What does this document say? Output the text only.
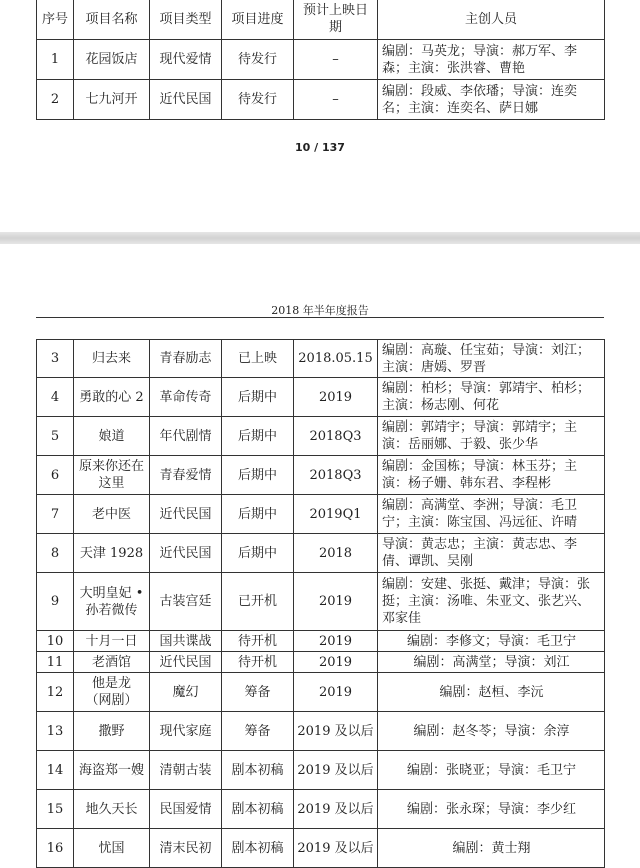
序号	项目名称	项目类型	项目进度	预计上映日期	主创人员
1	花园饭店	现代爱情	待发行	–	编剧：马英龙；导演：郝万军、李森；主演：张洪睿、曹艳
2	七九河开	近代民国	待发行	–	编剧：段威、李依璠；导演：连奕名；主演：连奕名、萨日娜
10 / 137
2018 年半年度报告
3	归去来	青春励志	已上映	2018.05.15	编剧：高璇、任宝茹；导演：刘江；主演：唐嫣、罗晋
4	勇敢的心 2	革命传奇	后期中	2019	编剧：柏杉；导演：郭靖宇、柏杉；主演：杨志刚、何花
5	娘道	年代剧情	后期中	2018Q3	编剧：郭靖宇；导演：郭靖宇；主演：岳丽娜、于毅、张少华
6	原来你还在这里	青春爱情	后期中	2018Q3	编剧：金国栋；导演：林玉芬；主演：杨子姗、韩东君、李程彬
7	老中医	近代民国	后期中	2019Q1	编剧：高满堂、李洲；导演：毛卫宁；主演：陈宝国、冯远征、许晴
8	天津 1928	近代民国	后期中	2018	导演：黄志忠；主演：黄志忠、李倩、谭凯、吴刚
9	大明皇妃 • 孙若微传	古装宫廷	已开机	2019	编剧：安建、张挺、戴津；导演：张挺；主演：汤唯、朱亚文、张艺兴、邓家佳
10	十月一日	国共谍战	待开机	2019	编剧：李修文；导演：毛卫宁
11	老酒馆	近代民国	待开机	2019	编剧：高满堂；导演：刘江
12	他是龙 （网剧）	魔幻	筹备	2019	编剧：赵桓、李沅
13	撒野	现代家庭	筹备	2019 及以后	编剧：赵冬苓；导演：余淳
14	海盗郑一嫂	清朝古装	剧本初稿	2019 及以后	编剧：张晓亚；导演：毛卫宁
15	地久天长	民国爱情	剧本初稿	2019 及以后	编剧：张永琛；导演：李少红
16	忧国	清末民初	剧本初稿	2019 及以后	编剧：黄士翔
